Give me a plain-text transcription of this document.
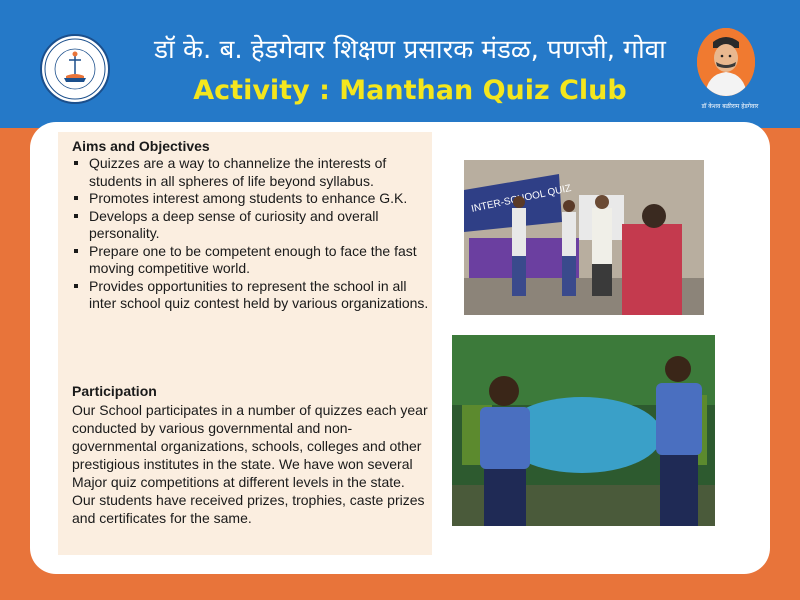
डॉ के. ब. हेडगेवार शिक्षण प्रसारक मंडळ, पणजी, गोवा
Activity : Manthan Quiz Club
डॉ केशव बळीराम हेडगेवार
Aims and Objectives
Quizzes are a way to channelize the interests of students in all spheres of life beyond syllabus.
Promotes interest among students to enhance G.K.
Develops a deep sense of curiosity and overall personality.
Prepare one to be competent enough to face the fast moving competitive world.
Provides opportunities to represent the school in all inter school quiz contest held by various organizations.
Participation

Our School participates in a number of quizzes each year conducted by various governmental and non-governmental organizations, schools, colleges and other prestigious institutes in the state. We have won several Major quiz competitions at different levels in the state. Our students have received prizes, trophies, caste prizes and certificates for the same.

INTER-SCHOOL QUIZ
